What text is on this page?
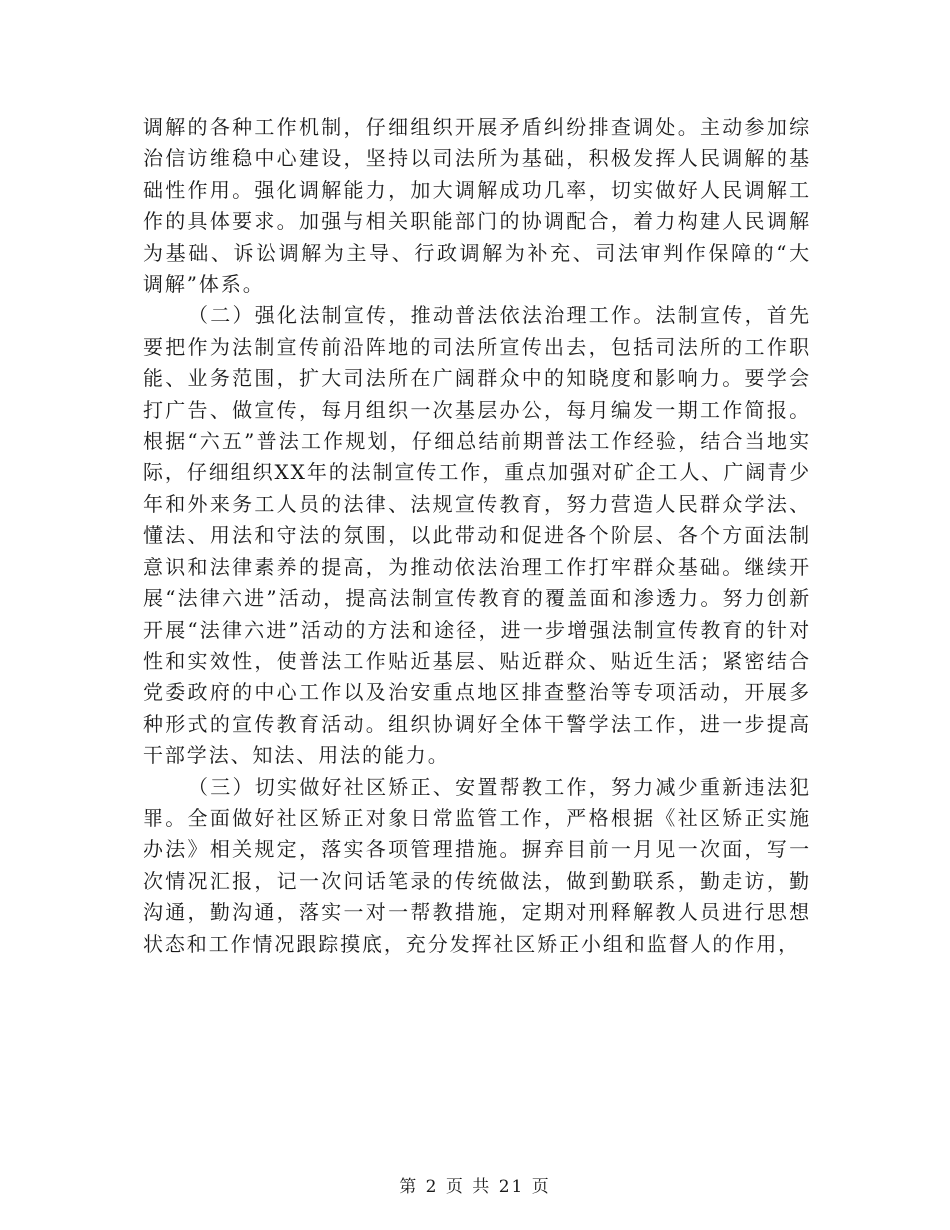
调解的各种工作机制，仔细组织开展矛盾纠纷排查调处。主动参加综治信访维稳中心建设，坚持以司法所为基础，积极发挥人民调解的基础性作用。强化调解能力，加大调解成功几率，切实做好人民调解工作的具体要求。加强与相关职能部门的协调配合，着力构建人民调解为基础、诉讼调解为主导、行政调解为补充、司法审判作保障的“大调解”体系。

（二）强化法制宣传，推动普法依法治理工作。法制宣传，首先要把作为法制宣传前沿阵地的司法所宣传出去，包括司法所的工作职能、业务范围，扩大司法所在广阔群众中的知晓度和影响力。要学会打广告、做宣传，每月组织一次基层办公，每月编发一期工作简报。根据“六五”普法工作规划，仔细总结前期普法工作经验，结合当地实际，仔细组织XX年的法制宣传工作，重点加强对矿企工人、广阔青少年和外来务工人员的法律、法规宣传教育，努力营造人民群众学法、懂法、用法和守法的氛围，以此带动和促进各个阶层、各个方面法制意识和法律素养的提高，为推动依法治理工作打牢群众基础。继续开展“法律六进”活动，提高法制宣传教育的覆盖面和渗透力。努力创新开展“法律六进”活动的方法和途径，进一步增强法制宣传教育的针对性和实效性，使普法工作贴近基层、贴近群众、贴近生活；紧密结合党委政府的中心工作以及治安重点地区排查整治等专项活动，开展多种形式的宣传教育活动。组织协调好全体干警学法工作，进一步提高干部学法、知法、用法的能力。

（三）切实做好社区矫正、安置帮教工作，努力减少重新违法犯罪。全面做好社区矫正对象日常监管工作，严格根据《社区矫正实施办法》相关规定，落实各项管理措施。摒弃目前一月见一次面，写一次情况汇报，记一次问话笔录的传统做法，做到勤联系，勤走访，勤沟通，勤沟通，落实一对一帮教措施，定期对刑释解教人员进行思想状态和工作情况跟踪摸底，充分发挥社区矫正小组和监督人的作用，

第 2 页 共 21 页
